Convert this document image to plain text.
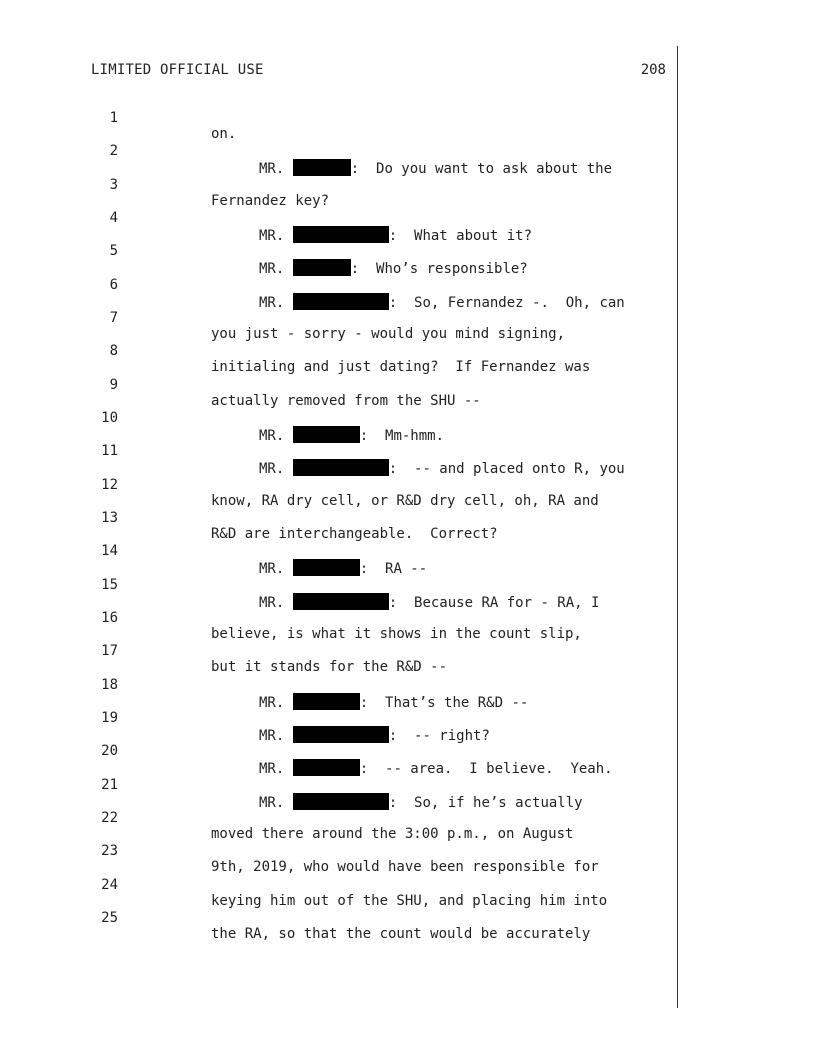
LIMITED OFFICIAL USE	208

1

on.

2

MR.	:  Do you want to ask about the

3

Fernandez key?

4

MR.	:  What about it?

5

MR.	:  Who’s responsible?

6

MR.	:  So, Fernandez -.  Oh, can

7

you just - sorry - would you mind signing,

8

initialing and just dating?  If Fernandez was

9

actually removed from the SHU --

10

MR.	:  Mm-hmm.

11

MR.	:  -- and placed onto R, you

12

know, RA dry cell, or R&D dry cell, oh, RA and

13

R&D are interchangeable.  Correct?

14

MR.	:  RA --

15

MR.	:  Because RA for - RA, I

16

believe, is what it shows in the count slip,

17

but it stands for the R&D --

18

MR.	:  That’s the R&D --

19

MR.	:  -- right?

20

MR.	:  -- area.  I believe.  Yeah.

21

MR.	:  So, if he’s actually

22

moved there around the 3:00 p.m., on August

23

9th, 2019, who would have been responsible for

24

keying him out of the SHU, and placing him into

25

the RA, so that the count would be accurately
